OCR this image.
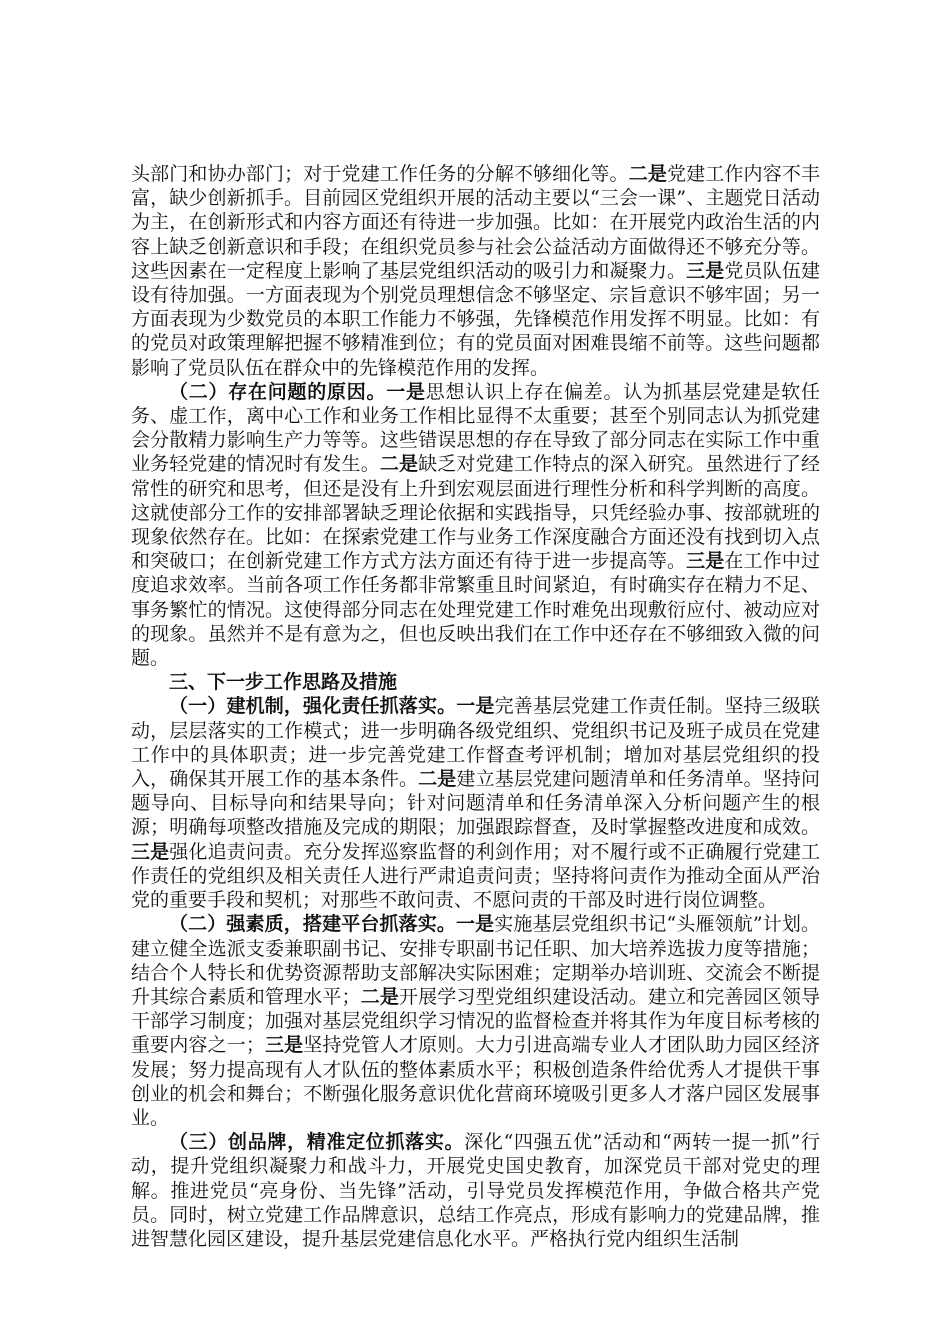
头部门和协办部门；对于党建工作任务的分解不够细化等。二是党建工作内容不丰富，缺少创新抓手。目前园区党组织开展的活动主要以“三会一课”、主题党日活动为主，在创新形式和内容方面还有待进一步加强。比如：在开展党内政治生活的内容上缺乏创新意识和手段；在组织党员参与社会公益活动方面做得还不够充分等。这些因素在一定程度上影响了基层党组织活动的吸引力和凝聚力。三是党员队伍建设有待加强。一方面表现为个别党员理想信念不够坚定、宗旨意识不够牢固；另一方面表现为少数党员的本职工作能力不够强，先锋模范作用发挥不明显。比如：有的党员对政策理解把握不够精准到位；有的党员面对困难畏缩不前等。这些问题都影响了党员队伍在群众中的先锋模范作用的发挥。

（二）存在问题的原因。一是思想认识上存在偏差。认为抓基层党建是软任务、虚工作，离中心工作和业务工作相比显得不太重要；甚至个别同志认为抓党建会分散精力影响生产力等等。这些错误思想的存在导致了部分同志在实际工作中重业务轻党建的情况时有发生。二是缺乏对党建工作特点的深入研究。虽然进行了经常性的研究和思考，但还是没有上升到宏观层面进行理性分析和科学判断的高度。这就使部分工作的安排部署缺乏理论依据和实践指导，只凭经验办事、按部就班的现象依然存在。比如：在探索党建工作与业务工作深度融合方面还没有找到切入点和突破口；在创新党建工作方式方法方面还有待于进一步提高等。三是在工作中过度追求效率。当前各项工作任务都非常繁重且时间紧迫，有时确实存在精力不足、事务繁忙的情况。这使得部分同志在处理党建工作时难免出现敷衍应付、被动应对的现象。虽然并不是有意为之，但也反映出我们在工作中还存在不够细致入微的问题。

三、下一步工作思路及措施

（一）建机制，强化责任抓落实。一是完善基层党建工作责任制。坚持三级联动，层层落实的工作模式；进一步明确各级党组织、党组织书记及班子成员在党建工作中的具体职责；进一步完善党建工作督查考评机制；增加对基层党组织的投入，确保其开展工作的基本条件。二是建立基层党建问题清单和任务清单。坚持问题导向、目标导向和结果导向；针对问题清单和任务清单深入分析问题产生的根源；明确每项整改措施及完成的期限；加强跟踪督查，及时掌握整改进度和成效。三是强化追责问责。充分发挥巡察监督的利剑作用；对不履行或不正确履行党建工作责任的党组织及相关责任人进行严肃追责问责；坚持将问责作为推动全面从严治党的重要手段和契机；对那些不敢问责、不愿问责的干部及时进行岗位调整。

（二）强素质，搭建平台抓落实。一是实施基层党组织书记“头雁领航”计划。建立健全选派支委兼职副书记、安排专职副书记任职、加大培养选拔力度等措施；结合个人特长和优势资源帮助支部解决实际困难；定期举办培训班、交流会不断提升其综合素质和管理水平；二是开展学习型党组织建设活动。建立和完善园区领导干部学习制度；加强对基层党组织学习情况的监督检查并将其作为年度目标考核的重要内容之一；三是坚持党管人才原则。大力引进高端专业人才团队助力园区经济发展；努力提高现有人才队伍的整体素质水平；积极创造条件给优秀人才提供干事创业的机会和舞台；不断强化服务意识优化营商环境吸引更多人才落户园区发展事业。

（三）创品牌，精准定位抓落实。深化“四强五优”活动和“两转一提一抓”行动，提升党组织凝聚力和战斗力，开展党史国史教育，加深党员干部对党史的理解。推进党员“亮身份、当先锋”活动，引导党员发挥模范作用，争做合格共产党员。同时，树立党建工作品牌意识，总结工作亮点，形成有影响力的党建品牌，推进智慧化园区建设，提升基层党建信息化水平。严格执行党内组织生活制
